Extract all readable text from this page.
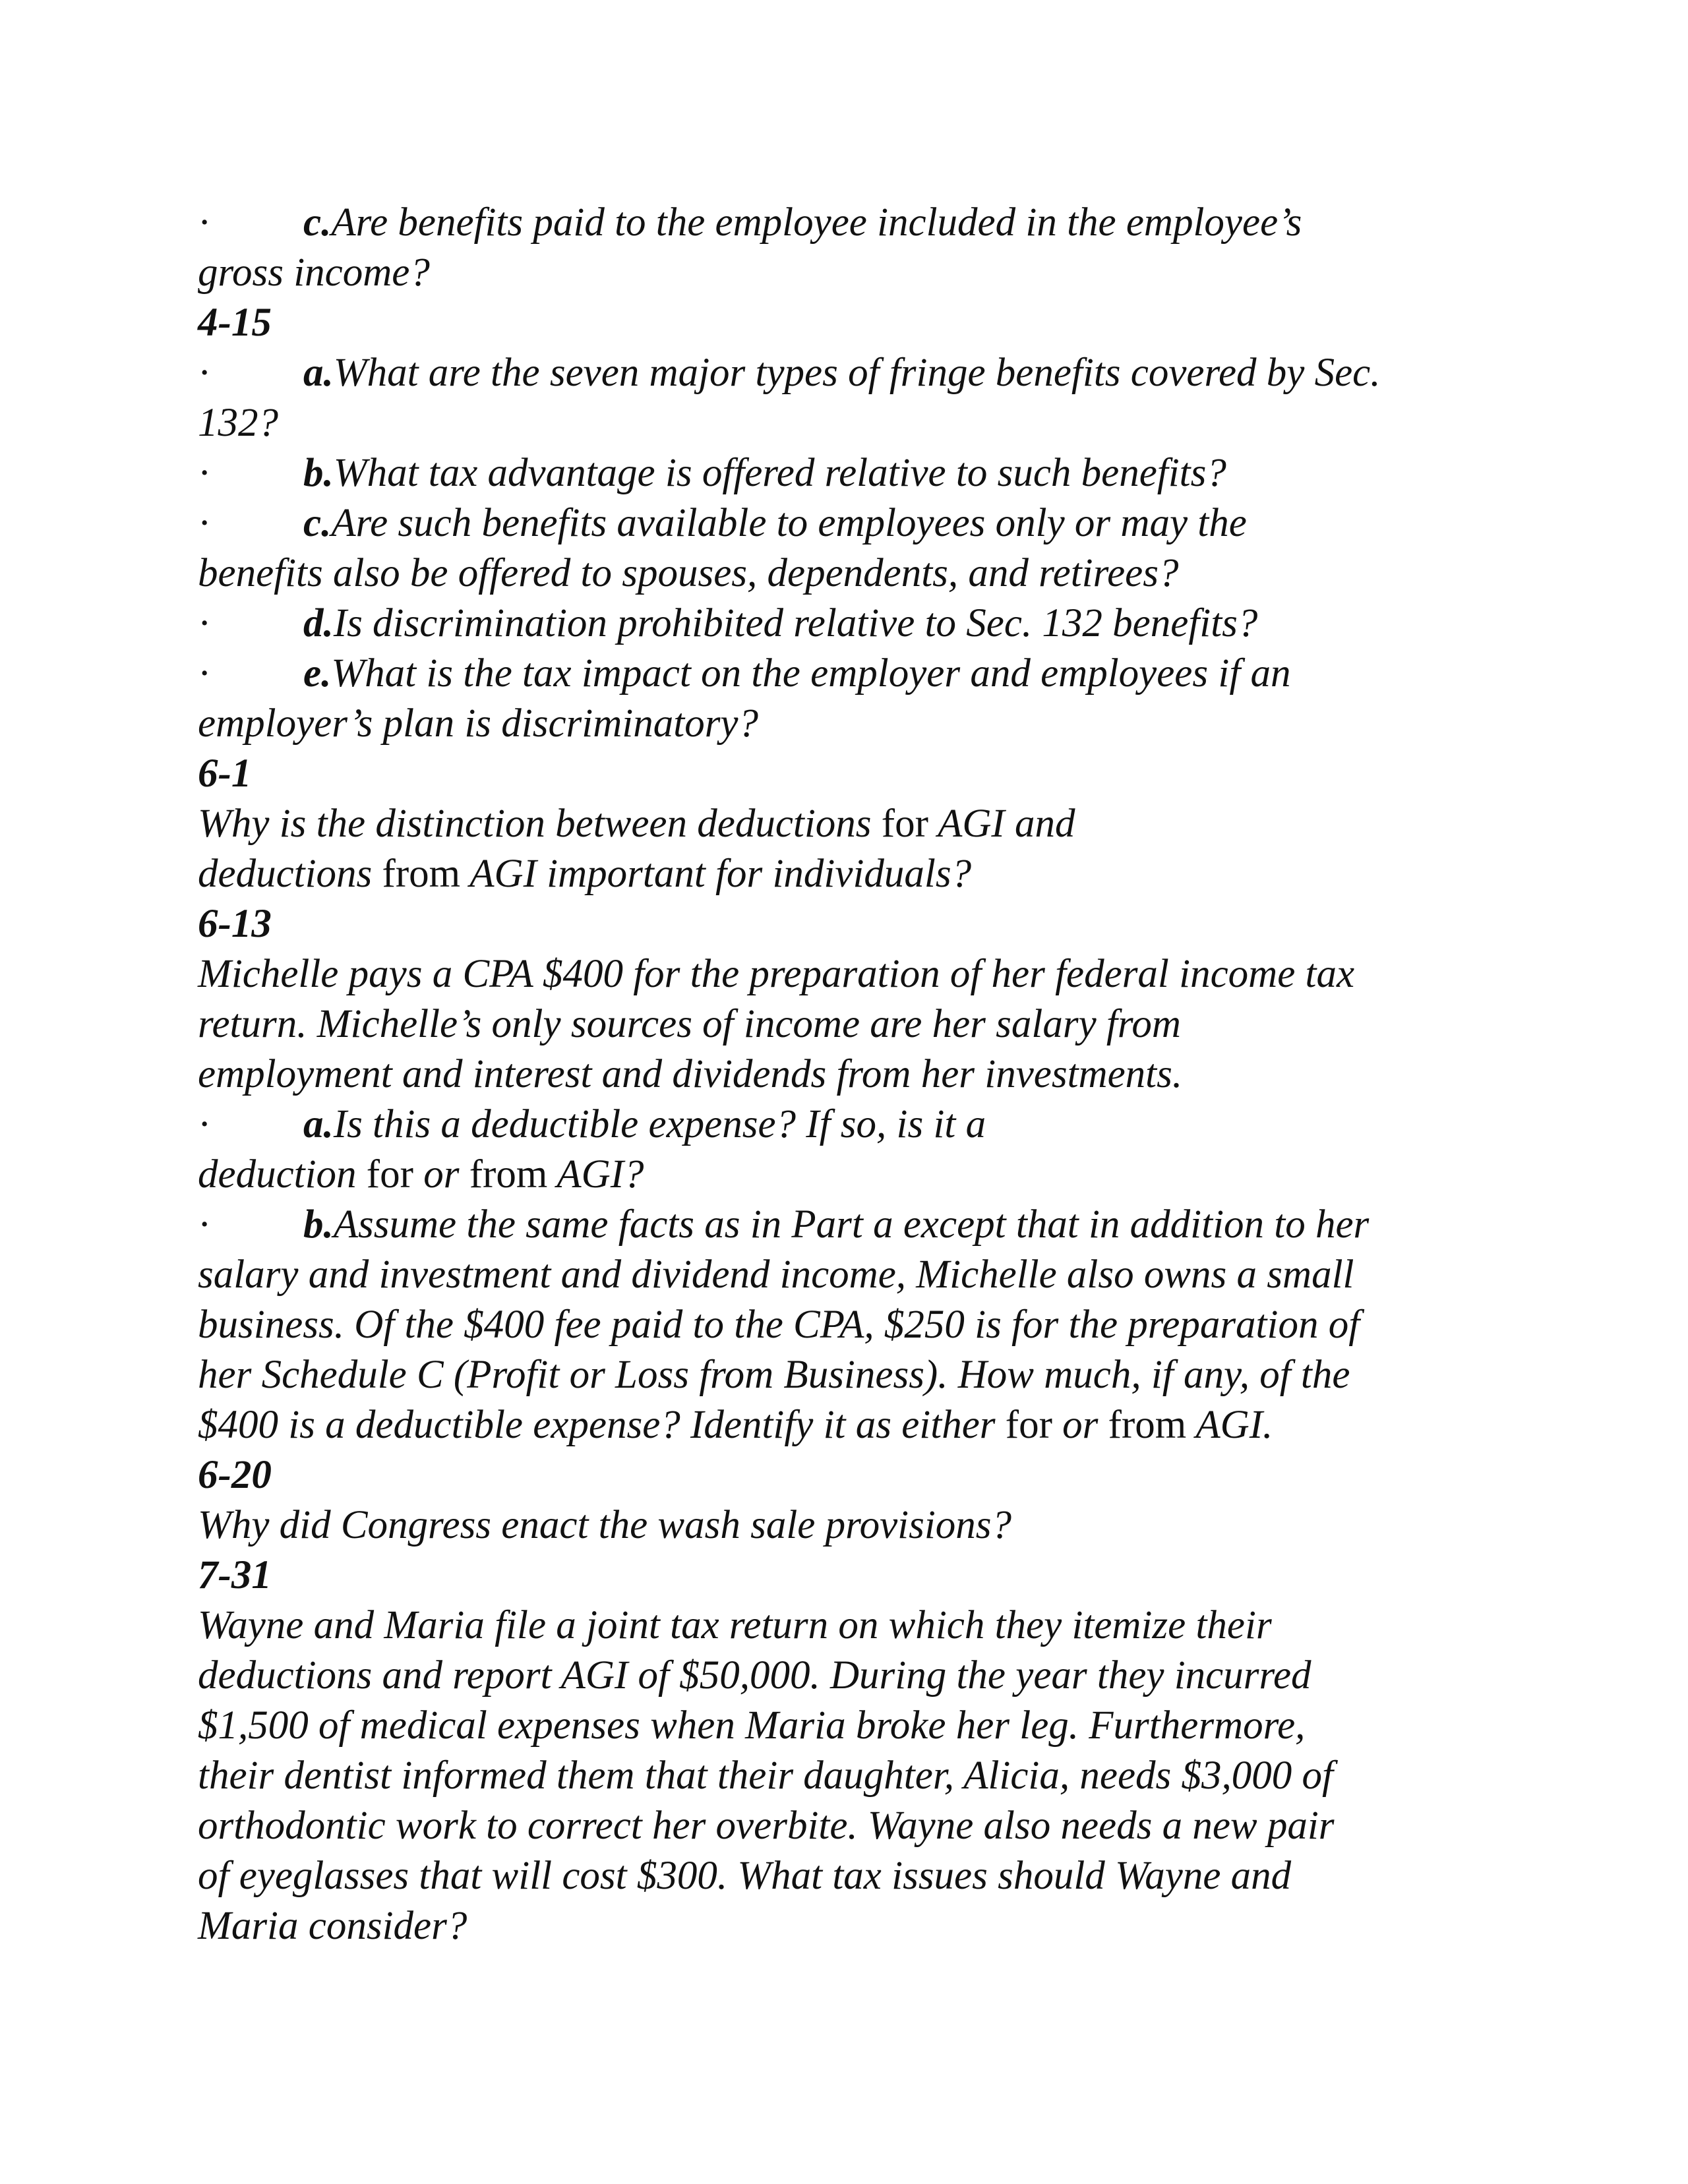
· c.Are benefits paid to the employee included in the employee’s
gross income?
4-15
· a.What are the seven major types of fringe benefits covered by Sec.
132?
· b.What tax advantage is offered relative to such benefits?
· c.Are such benefits available to employees only or may the
benefits also be offered to spouses, dependents, and retirees?
· d.Is discrimination prohibited relative to Sec. 132 benefits?
· e.What is the tax impact on the employer and employees if an
employer’s plan is discriminatory?
6-1
Why is the distinction between deductions for AGI and
deductions from AGI important for individuals?
6-13
Michelle pays a CPA $400 for the preparation of her federal income tax
return. Michelle’s only sources of income are her salary from
employment and interest and dividends from her investments.
· a.Is this a deductible expense? If so, is it a
deduction for or from AGI?
· b.Assume the same facts as in Part a except that in addition to her
salary and investment and dividend income, Michelle also owns a small
business. Of the $400 fee paid to the CPA, $250 is for the preparation of
her Schedule C (Profit or Loss from Business). How much, if any, of the
$400 is a deductible expense? Identify it as either for or from AGI.
6-20
Why did Congress enact the wash sale provisions?
7-31
Wayne and Maria file a joint tax return on which they itemize their
deductions and report AGI of $50,000. During the year they incurred
$1,500 of medical expenses when Maria broke her leg. Furthermore,
their dentist informed them that their daughter, Alicia, needs $3,000 of
orthodontic work to correct her overbite. Wayne also needs a new pair
of eyeglasses that will cost $300. What tax issues should Wayne and
Maria consider?
